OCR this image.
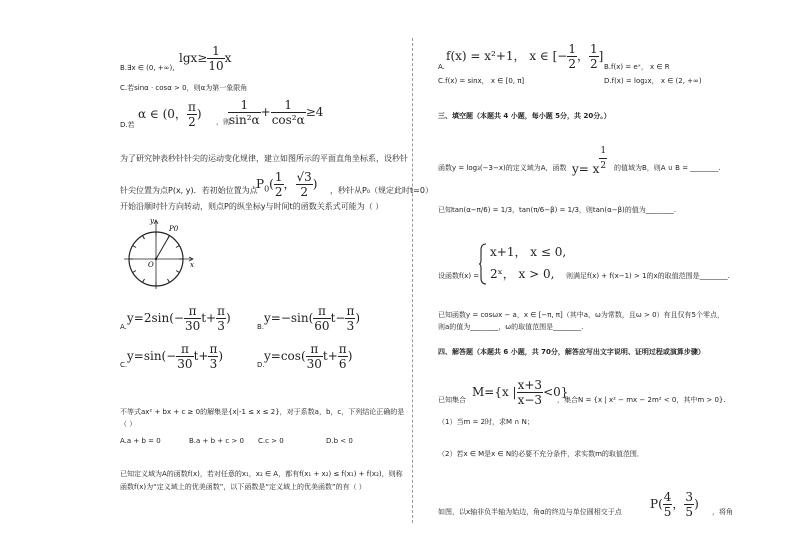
B.∃x ∈ (0, +∞),
$\lg x\ge \frac{1}{10}$ x
C.若sinα · cosα > 0，则α为第一象限角
D.若
α ∈ (0， $\frac{\pi}{2}$ )
，则
$\frac{1}{\text{sin²α}} + \frac{1}{\text{cos²α}} \ge 4$
为了研究钟表秒针针尖的运动变化规律，建立如图所示的平面直角坐标系，设秒针
针尖位置为点P(x, y)．若初始位置为点
$P_0( \frac{1}{2}$ ， $\frac{√3}{2}$ ) ，秒针从P₀（规定此时t=0）
开始沿顺时针方向转动，则点P的纵坐标y与时间t的函数关系式可能为（ ）
y
x
O
P0
A.
$y=2\sin(- \frac{\pi}{30} t+ \frac{\pi}{3}$ )
B.
$y=-\sin( \frac{\pi}{60} t- \frac{\pi}{3}$ )
C.
$y=\sin(- \frac{\pi}{30} t+ \frac{\pi}{3}$ )
D.
$y=\cos( \frac{\pi}{30} t+ \frac{\pi}{6}$ )
不等式ax² + bx + c ≥ 0的解集是{x|-1 ≤ x ≤ 2}，对于系数a，b，c，下列结论正确的是
（ ）
A.a + b = 0	B.a + b + c > 0 C.c > 0	D.b < 0
已知定义域为A的函数f(x)，若对任意的x₁，x₂ ∈ A，都有f(x₁ + x₂) ≤ f(x₁) + f(x₂)，则称
函数f(x)为“定义域上的优美函数”，以下函数是“定义域上的优美函数”的有（ ）
f(x) = x²+1， x ∈ [− $\frac{1}{2}$ ， $\frac{1}{2}$ ]
A.	B.f(x) = eˣ， x ∈ R
C.f(x) = sinx， x ∈ [0, π]	D.f(x) = log₂x， x ∈ (2, +∞)
三、填空题（本题共 4 小题，每小题 5分，共 20分。）
函数y = log₃(−3−x)的定义域为A，函数 y= x $\frac{1}{2}$ 的值域为B，则A ∪ B = ________.
已知tan(α−π/6) = 1/3，tan(π/6−β) = 1/3，则tan(α−β)的值为________.
设函数f(x) =
x+1， x ≤ 0,
2ˣ， x > 0, 则满足f(x) + f(x−1) > 1的x的取值范围是________.
已知函数y = cosωx − a，x ∈ [−π, π]（其中a，ω为常数，且ω > 0）有且仅有5个零点，
则a的值为________，ω的取值范围是________.
四、解答题（本题共 6 小题，共 70分，解答应写出文字说明、证明过程或演算步骤）
已知集合
M={x | $\frac{x+3}{x-3} <0$}
，集合N = {x | x² − mx − 2m² < 0，其中m > 0}.
（1）当m = 2时，求M ∩ N；
（2）若x ∈ M是x ∈ N的必要不充分条件，求实数m的取值范围．
如图，以x轴非负半轴为始边，角α的终边与单位圆相交于点
$P( \frac{4}{5}$ ， $\frac{3}{5}$ )
，将角
